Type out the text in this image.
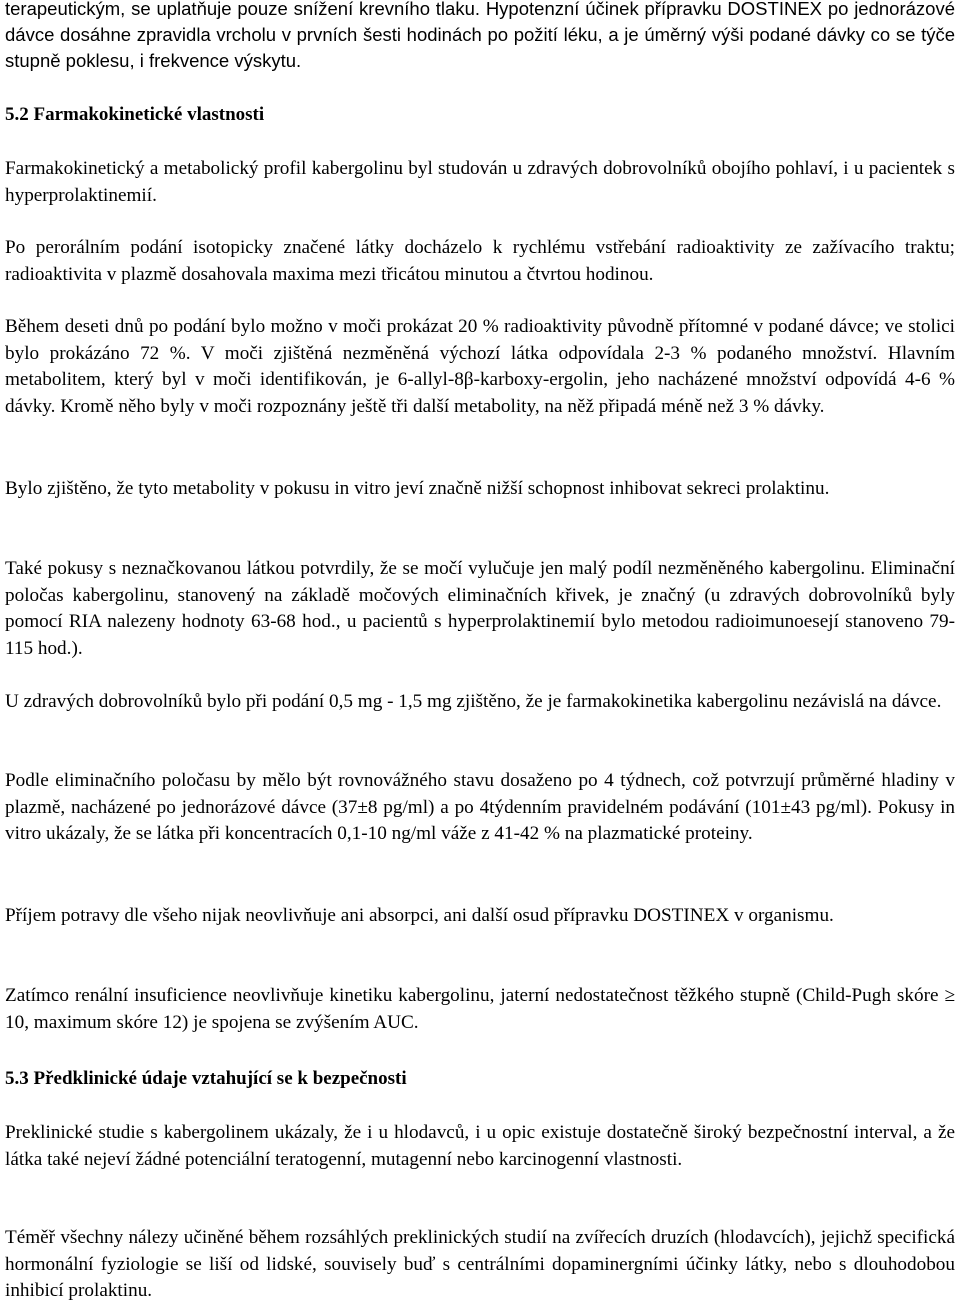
terapeutickým, se uplatňuje pouze snížení krevního tlaku. Hypotenzní účinek přípravku DOSTINEX po jednorázové dávce dosáhne zpravidla vrcholu v prvních šesti hodinách po požití léku, a je úměrný výši podané dávky co se týče stupně poklesu, i frekvence výskytu.

5.2 Farmakokinetické vlastnosti

Farmakokinetický a metabolický profil kabergolinu byl studován u zdravých dobrovolníků obojího pohlaví, i u pacientek s hyperprolaktinemií.

Po perorálním podání isotopicky značené látky docházelo k rychlému vstřebání radioaktivity ze zažívacího traktu; radioaktivita v plazmě dosahovala maxima mezi třicátou minutou a čtvrtou hodinou.

Během deseti dnů po podání bylo možno v moči prokázat 20 % radioaktivity původně přítomné v podané dávce; ve stolici bylo prokázáno 72 %. V moči zjištěná nezměněná výchozí látka odpovídala 2-3 % podaného množství. Hlavním metabolitem, který byl v moči identifikován, je 6-allyl-8β-karboxy-ergolin, jeho nacházené množství odpovídá 4-6 % dávky. Kromě něho byly v moči rozpoznány ještě tři další metabolity, na něž připadá méně než 3 % dávky.

Bylo zjištěno, že tyto metabolity v pokusu in vitro jeví značně nižší schopnost inhibovat sekreci prolaktinu.

Také pokusy s neznačkovanou látkou potvrdily, že se močí vylučuje jen malý podíl nezměněného kabergolinu. Eliminační poločas kabergolinu, stanovený na základě močových eliminačních křivek, je značný (u zdravých dobrovolníků byly pomocí RIA nalezeny hodnoty 63-68 hod., u pacientů s hyperprolaktinemií bylo metodou radioimunoesejí stanoveno 79-115 hod.).

U zdravých dobrovolníků bylo při podání 0,5 mg - 1,5 mg zjištěno, že je farmakokinetika kabergolinu nezávislá na dávce.

Podle eliminačního poločasu by mělo být rovnovážného stavu dosaženo po 4 týdnech, což potvrzují průměrné hladiny v plazmě, nacházené po jednorázové dávce (37±8 pg/ml) a po 4týdenním pravidelném podávání (101±43 pg/ml). Pokusy in vitro ukázaly, že se látka při koncentracích 0,1-10 ng/ml váže z 41-42 % na plazmatické proteiny.

Příjem potravy dle všeho nijak neovlivňuje ani absorpci, ani další osud přípravku DOSTINEX v organismu.

Zatímco renální insuficience neovlivňuje kinetiku kabergolinu, jaterní nedostatečnost těžkého stupně (Child-Pugh skóre ≥ 10, maximum skóre 12) je spojena se zvýšením AUC.

5.3 Předklinické údaje vztahující se k bezpečnosti

Preklinické studie s kabergolinem ukázaly, že i u hlodavců, i u opic existuje dostatečně široký bezpečnostní interval, a že látka také nejeví žádné potenciální teratogenní, mutagenní nebo karcinogenní vlastnosti.

Téměř všechny nálezy učiněné během rozsáhlých preklinických studií na zvířecích druzích (hlodavcích), jejichž specifická hormonální fyziologie se liší od lidské, souvisely buď s centrálními dopaminergními účinky látky, nebo s dlouhodobou inhibicí prolaktinu.
